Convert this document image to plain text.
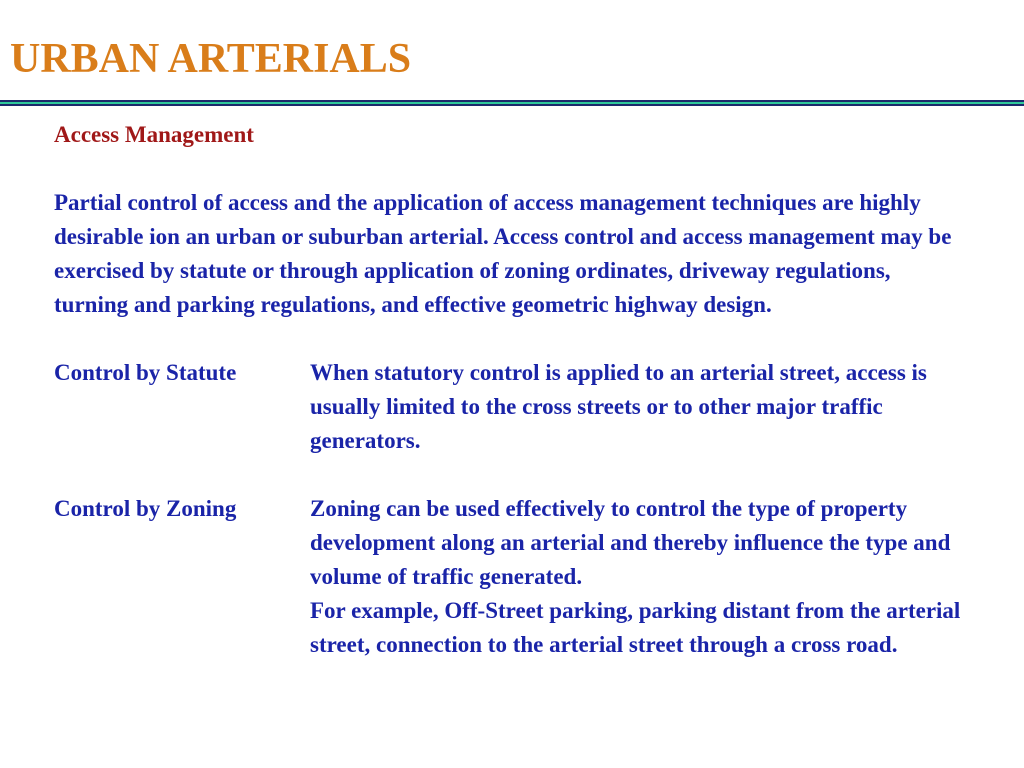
URBAN ARTERIALS

Access Management

Partial control of access and the application of access management techniques are highly desirable ion an urban or suburban arterial. Access control and access management may be exercised by statute or through application of zoning ordinates, driveway regulations, turning and parking regulations, and effective geometric highway design.

Control by Statute	When statutory control is applied to an arterial street, access is usually limited to the cross streets or to other major traffic generators.

Control by Zoning	Zoning can be used effectively to control the type of property development along an arterial and thereby influence the type and volume of traffic generated.

For example, Off-Street parking, parking distant from the arterial street, connection to the arterial street through a cross road.
